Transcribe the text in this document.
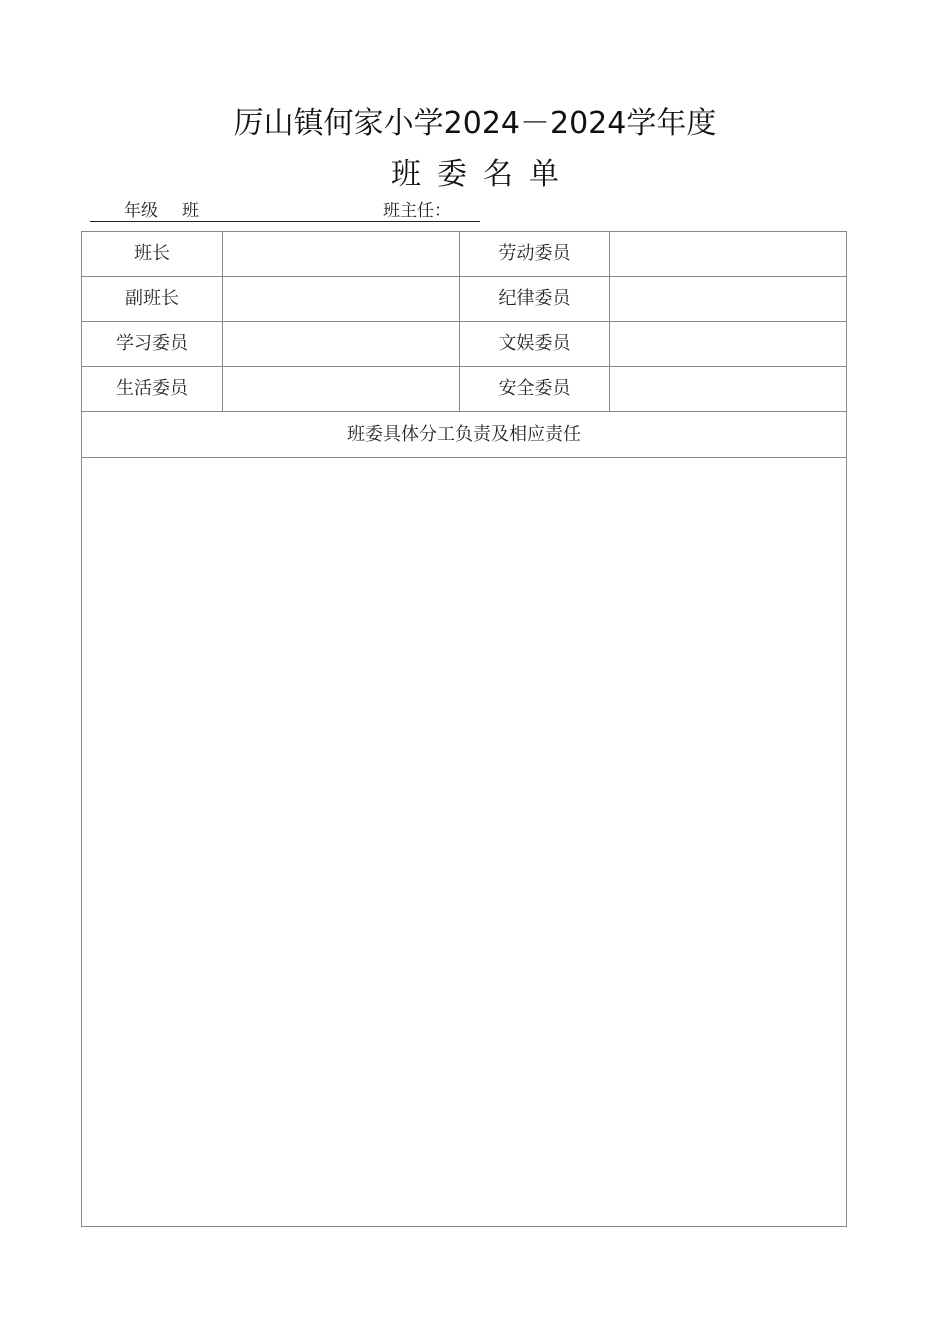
厉山镇何家小学2024－2024学年度
班委名单
年级 班	班主任：
班长	劳动委员
副班长	纪律委员
学习委员	文娱委员
生活委员	安全委员
班委具体分工负责及相应责任
